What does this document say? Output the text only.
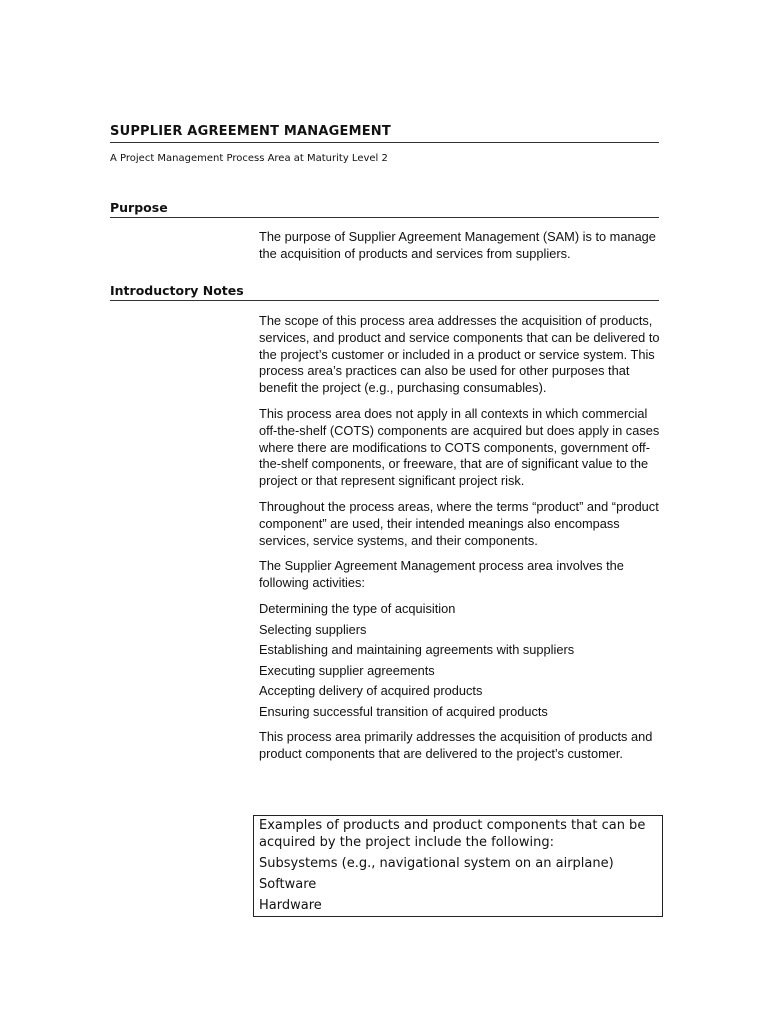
SUPPLIER AGREEMENT MANAGEMENT
A Project Management Process Area at Maturity Level 2
Purpose

The purpose of Supplier Agreement Management (SAM) is to manage the acquisition of products and services from suppliers.

Introductory Notes

The scope of this process area addresses the acquisition of products, services, and product and service components that can be delivered to the project’s customer or included in a product or service system. This process area’s practices can also be used for other purposes that benefit the project (e.g., purchasing consumables).

This process area does not apply in all contexts in which commercial off-the-shelf (COTS) components are acquired but does apply in cases where there are modifications to COTS components, government off-the-shelf components, or freeware, that are of significant value to the project or that represent significant project risk.

Throughout the process areas, where the terms “product” and “product component” are used, their intended meanings also encompass services, service systems, and their components.

The Supplier Agreement Management process area involves the following activities:

Determining the type of acquisition
Selecting suppliers
Establishing and maintaining agreements with suppliers
Executing supplier agreements
Accepting delivery of acquired products
Ensuring successful transition of acquired products

This process area primarily addresses the acquisition of products and product components that are delivered to the project’s customer.

Examples of products and product components that can be acquired by the project include the following:

Subsystems (e.g., navigational system on an airplane)
Software
Hardware
